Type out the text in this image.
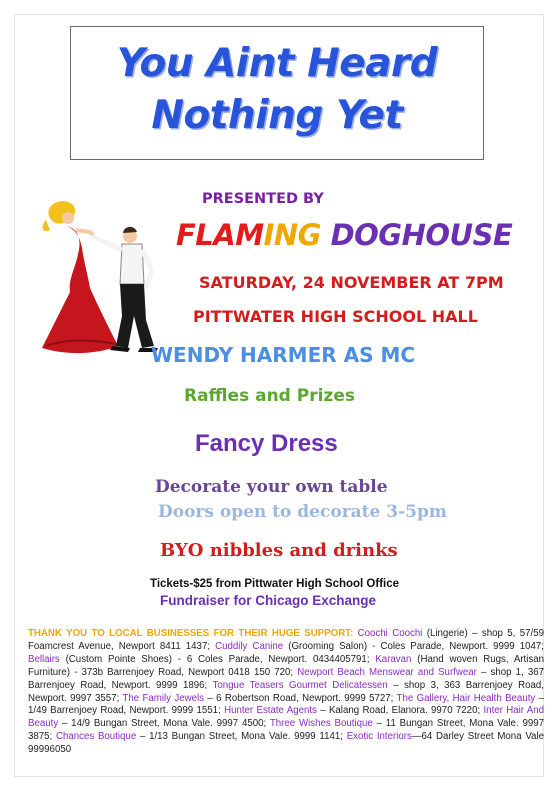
You Aint Heard
Nothing Yet
PRESENTED BY
FLAMING DOGHOUSE
SATURDAY, 24 NOVEMBER AT 7PM
PITTWATER HIGH SCHOOL HALL
WENDY HARMER AS MC
Raffles and Prizes
Fancy Dress
Decorate your own table
Doors open to decorate 3-5pm
BYO nibbles and drinks
Tickets-$25 from Pittwater High School Office
Fundraiser for Chicago Exchange
THANK YOU TO LOCAL BUSINESSES FOR THEIR HUGE SUPPORT: Coochi Coochi (Lingerie) – shop 5, 57/59 Foamcrest Avenue, Newport 8411 1437; Cuddily Canine (Grooming Salon) - Coles Parade, Newport. 9999 1047; Bellairs (Custom Pointe Shoes) - 6 Coles Parade, Newport. 0434405791; Karavan (Hand woven Rugs, Artisan Furniture) - 373b Barrenjoey Road, Newport 0418 150 720; Newport Beach Menswear and Surfwear – shop 1, 367 Barrenjoey Road, Newport. 9999 1896; Tongue Teasers Gourmet Delicatessen – shop 3, 363 Barrenjoey Road, Newport. 9997 3557; The Family Jewels – 6 Robertson Road, Newport. 9999 5727; The Gallery, Hair Health Beauty – 1/49 Barrenjoey Road, Newport. 9999 1551; Hunter Estate Agents – Kalang Road, Elanora. 9970 7220; Inter Hair And Beauty – 14/9 Bungan Street, Mona Vale. 9997 4500; Three Wishes Boutique – 11 Bungan Street, Mona Vale. 9997 3875; Chances Boutique – 1/13 Bungan Street, Mona Vale. 9999 1141; Exotic Interiors—64 Darley Street Mona Vale 99996050
